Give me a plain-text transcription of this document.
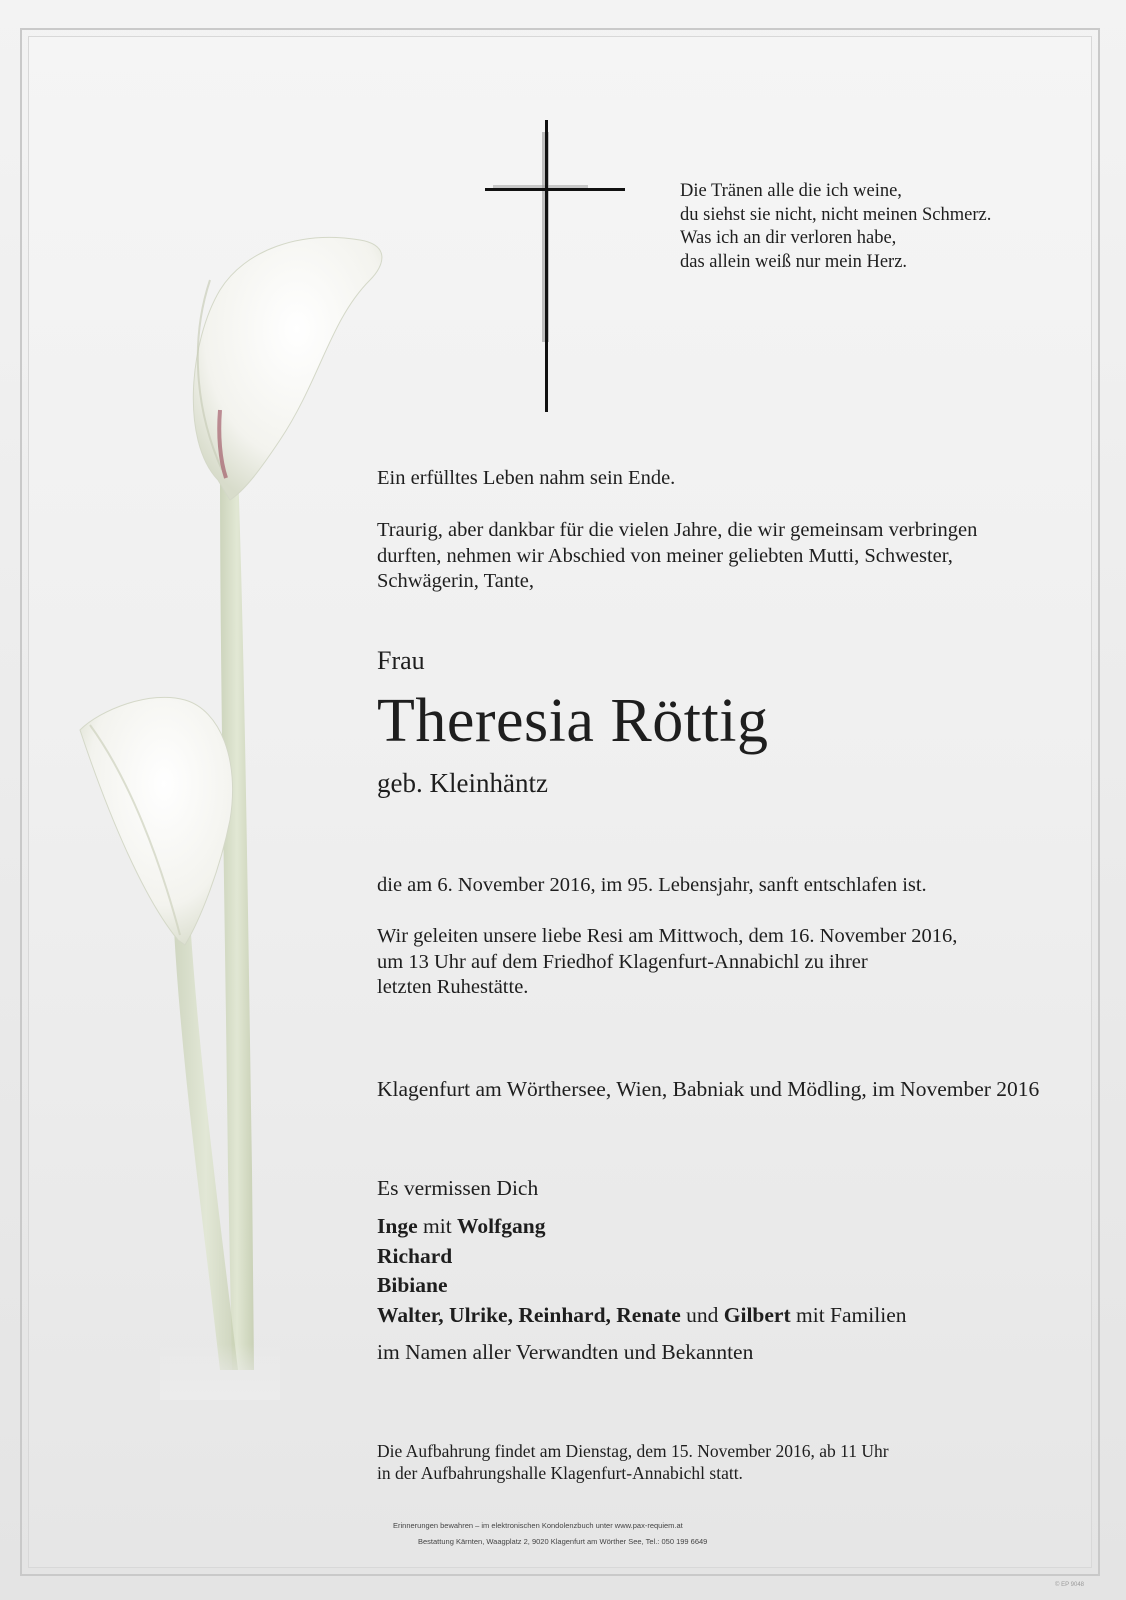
Die Tränen alle die ich weine,
du siehst sie nicht, nicht meinen Schmerz.
Was ich an dir verloren habe,
das allein weiß nur mein Herz.
Ein erfülltes Leben nahm sein Ende.
Traurig, aber dankbar für die vielen Jahre, die wir gemeinsam verbringen
durften, nehmen wir Abschied von meiner geliebten Mutti, Schwester,
Schwägerin, Tante,
Frau
Theresia Röttig
geb. Kleinhäntz
die am 6. November 2016, im 95. Lebensjahr, sanft entschlafen ist.
Wir geleiten unsere liebe Resi am Mittwoch, dem 16. November 2016,
um 13 Uhr auf dem Friedhof Klagenfurt-Annabichl zu ihrer
letzten Ruhestätte.
Klagenfurt am Wörthersee, Wien, Babniak und Mödling, im November 2016
Es vermissen Dich
Inge mit Wolfgang
Richard
Bibiane
Walter, Ulrike, Reinhard, Renate und Gilbert mit Familien
im Namen aller Verwandten und Bekannten
Die Aufbahrung findet am Dienstag, dem 15. November 2016, ab 11 Uhr
in der Aufbahrungshalle Klagenfurt-Annabichl statt.
Erinnerungen bewahren – im elektronischen Kondolenzbuch unter www.pax-requiem.at
Bestattung Kärnten, Waagplatz 2, 9020 Klagenfurt am Wörther See, Tel.: 050 199 6649
© EP 9048
